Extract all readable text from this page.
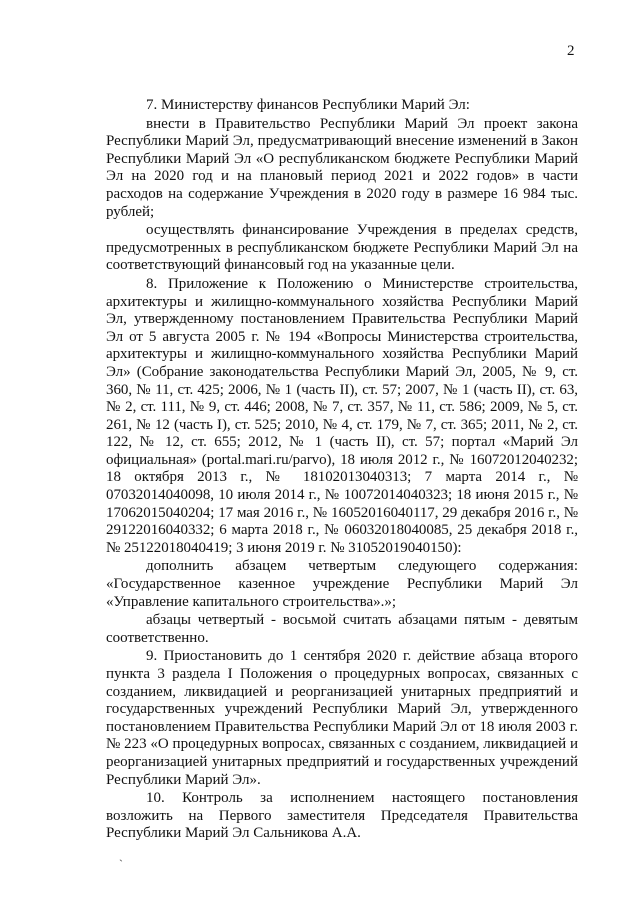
2

7. Министерству финансов Республики Марий Эл:

внести в Правительство Республики Марий Эл проект закона Республики Марий Эл, предусматривающий внесение изменений в Закон Республики Марий Эл «О республиканском бюджете Республики Марий Эл на 2020 год и на плановый период 2021 и 2022 годов» в части расходов на содержание Учреждения в 2020 году в размере 16 984 тыс. рублей;

осуществлять финансирование Учреждения в пределах средств, предусмотренных в республиканском бюджете Республики Марий Эл на соответствующий финансовый год на указанные цели.

8. Приложение к Положению о Министерстве строительства, архитектуры и жилищно-коммунального хозяйства Республики Марий Эл, утвержденному постановлением Правительства Республики Марий Эл от 5 августа 2005 г. № 194 «Вопросы Министерства строительства, архитектуры и жилищно-коммунального хозяйства Республики Марий Эл» (Собрание законодательства Республики Марий Эл, 2005, № 9, ст. 360, № 11, ст. 425; 2006, № 1 (часть II), ст. 57; 2007, № 1 (часть II), ст. 63, № 2, ст. 111, № 9, ст. 446; 2008, № 7, ст. 357, № 11, ст. 586; 2009, № 5, ст. 261, № 12 (часть I), ст. 525; 2010, № 4, ст. 179, № 7, ст. 365; 2011, № 2, ст. 122, № 12, ст. 655; 2012, № 1 (часть II), ст. 57; портал «Марий Эл официальная» (portal.mari.ru/parvo), 18 июля 2012 г., № 16072012040232; 18 октября 2013 г., № 18102013040313; 7 марта 2014 г., № 07032014040098, 10 июля 2014 г., № 10072014040323; 18 июня 2015 г., № 17062015040204; 17 мая 2016 г., № 16052016040117, 29 декабря 2016 г., № 29122016040332; 6 марта 2018 г., № 06032018040085, 25 декабря 2018 г., № 25122018040419; 3 июня 2019 г. № 31052019040150):

дополнить абзацем четвертым следующего содержания: «Государственное казенное учреждение Республики Марий Эл «Управление капитального строительства».»;

абзацы четвертый - восьмой считать абзацами пятым - девятым соответственно.

9. Приостановить до 1 сентября 2020 г. действие абзаца второго пункта 3 раздела I Положения о процедурных вопросах, связанных с созданием, ликвидацией и реорганизацией унитарных предприятий и государственных учреждений Республики Марий Эл, утвержденного постановлением Правительства Республики Марий Эл от 18 июля 2003 г. № 223 «О процедурных вопросах, связанных с созданием, ликвидацией и реорганизацией унитарных предприятий и государственных учреждений Республики Марий Эл».

10. Контроль за исполнением настоящего постановления возложить на Первого заместителя Председателя Правительства Республики Марий Эл Сальникова А.А.

`
